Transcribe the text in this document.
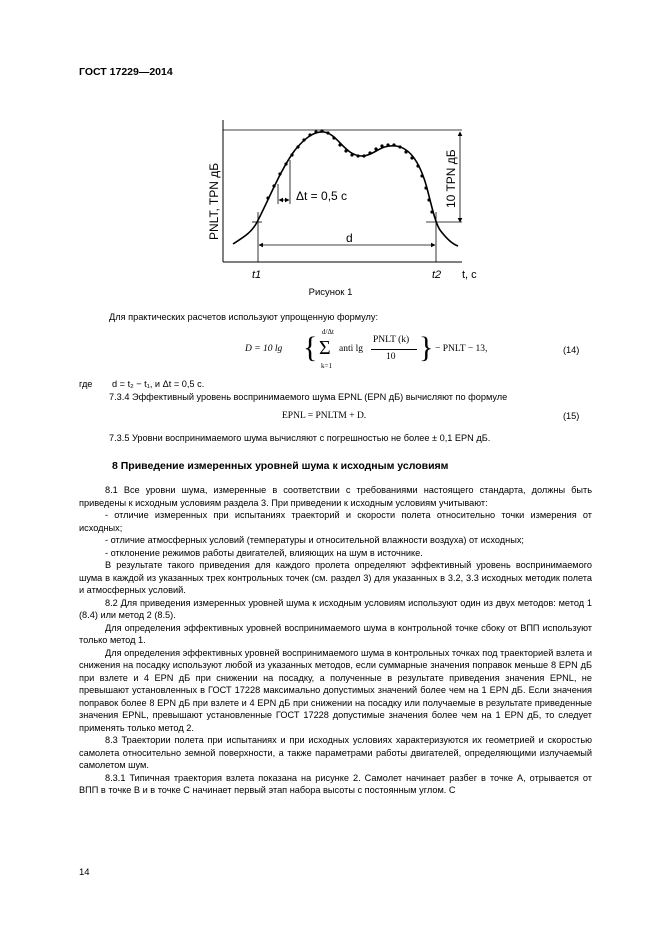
ГОСТ 17229—2014
PNLT, TPN дБ	Δt = 0,5 с	10 TPN дБ
d
t1	t2 t, с
Рисунок 1
Для практических расчетов используют упрощенную формулу:
D = 10 lg { d/Δt
Σ
k=1
anti lg
PNLT (k)
10 } − PNLT − 13,	(14)
где d = t₂ − t₁, и Δt = 0,5 с.
7.3.4 Эффективный уровень воспринимаемого шума EPNL (EPN дБ) вычисляют по формуле
EPNL = PNLTM + D.	(15)
7.3.5 Уровни воспринимаемого шума вычисляют с погрешностью не более ± 0,1 EPN дБ.
8 Приведение измеренных уровней шума к исходным условиям
8.1 Все уровни шума, измеренные в соответствии с требованиями настоящего стандарта, должны быть приведены к исходным условиям раздела 3. При приведении к исходным условиям учитывают:
- отличие измеренных при испытаниях траекторий и скорости полета относительно точки измерения от исходных;
- отличие атмосферных условий (температуры и относительной влажности воздуха) от исходных;
- отклонение режимов работы двигателей, влияющих на шум в источнике.
В результате такого приведения для каждого пролета определяют эффективный уровень воспринимаемого шума в каждой из указанных трех контрольных точек (см. раздел 3) для указанных в 3.2, 3.3 исходных методик полета и атмосферных условий.
8.2 Для приведения измеренных уровней шума к исходным условиям используют один из двух методов: метод 1 (8.4) или метод 2 (8.5).
Для определения эффективных уровней воспринимаемого шума в контрольной точке сбоку от ВПП используют только метод 1.
Для определения эффективных уровней воспринимаемого шума в контрольных точках под траекторией взлета и снижения на посадку используют любой из указанных методов, если суммарные значения поправок меньше 8 EPN дБ при взлете и 4 EPN дБ при снижении на посадку, а полученные в результате приведения значения EPNL, не превышают установленных в ГОСТ 17228 максимально допустимых значений более чем на 1 EPN дБ. Если значения поправок более 8 EPN дБ при взлете и 4 EPN дБ при снижении на посадку или получаемые в результате приведенные значения EPNL, превышают установленные ГОСТ 17228 допустимые значения более чем на 1 EPN дБ, то следует применять только метод 2.
8.3 Траектории полета при испытаниях и при исходных условиях характеризуются их геометрией и скоростью самолета относительно земной поверхности, а также параметрами работы двигателей, определяющими излучаемый самолетом шум.
8.3.1 Типичная траектория взлета показана на рисунке 2. Самолет начинает разбег в точке A, отрывается от ВПП в точке B и в точке C начинает первый этап набора высоты с постоянным углом. С
14
